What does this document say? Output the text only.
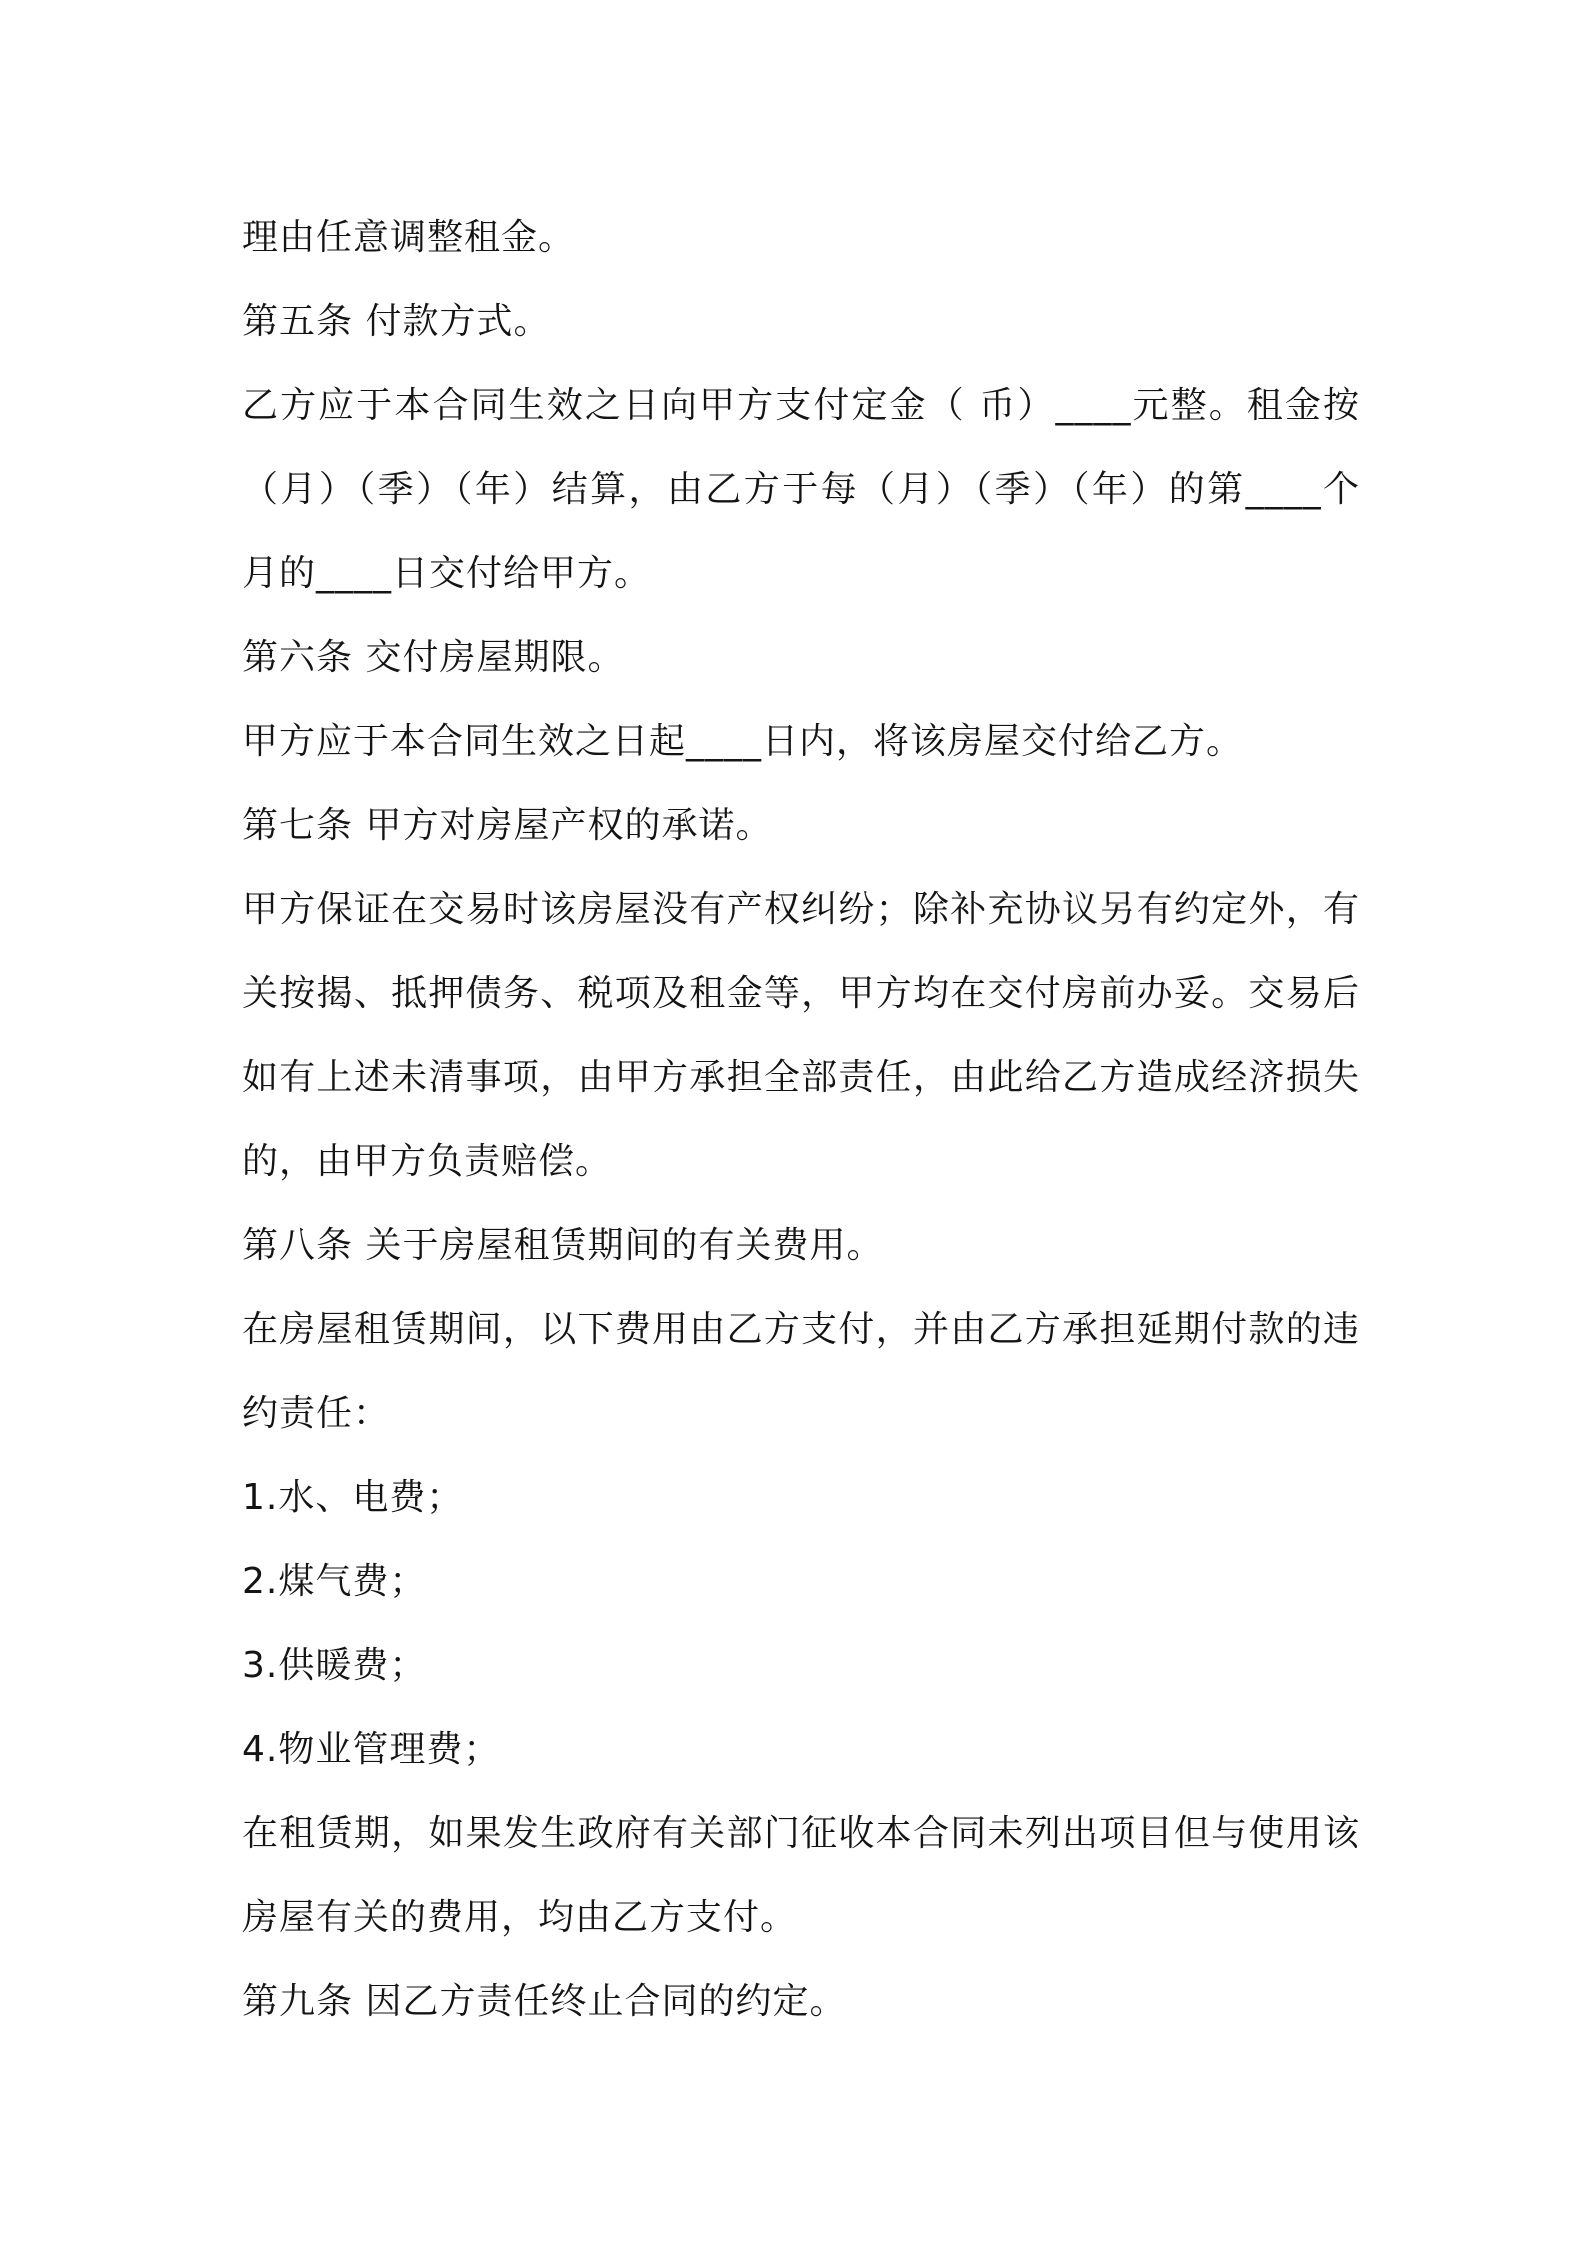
理由任意调整租金。
第五条 付款方式。
乙方应于本合同生效之日向甲方支付定金（ 币）____元整。租金按
（月）（季）（年）结算，由乙方于每（月）（季）（年）的第____个
月的____日交付给甲方。
第六条 交付房屋期限。
甲方应于本合同生效之日起____日内，将该房屋交付给乙方。
第七条 甲方对房屋产权的承诺。
甲方保证在交易时该房屋没有产权纠纷；除补充协议另有约定外，有
关按揭、抵押债务、税项及租金等，甲方均在交付房前办妥。交易后
如有上述未清事项，由甲方承担全部责任，由此给乙方造成经济损失
的，由甲方负责赔偿。
第八条 关于房屋租赁期间的有关费用。
在房屋租赁期间，以下费用由乙方支付，并由乙方承担延期付款的违
约责任：
1.水、电费；
2.煤气费；
3.供暖费；
4.物业管理费；
在租赁期，如果发生政府有关部门征收本合同未列出项目但与使用该
房屋有关的费用，均由乙方支付。
第九条 因乙方责任终止合同的约定。
